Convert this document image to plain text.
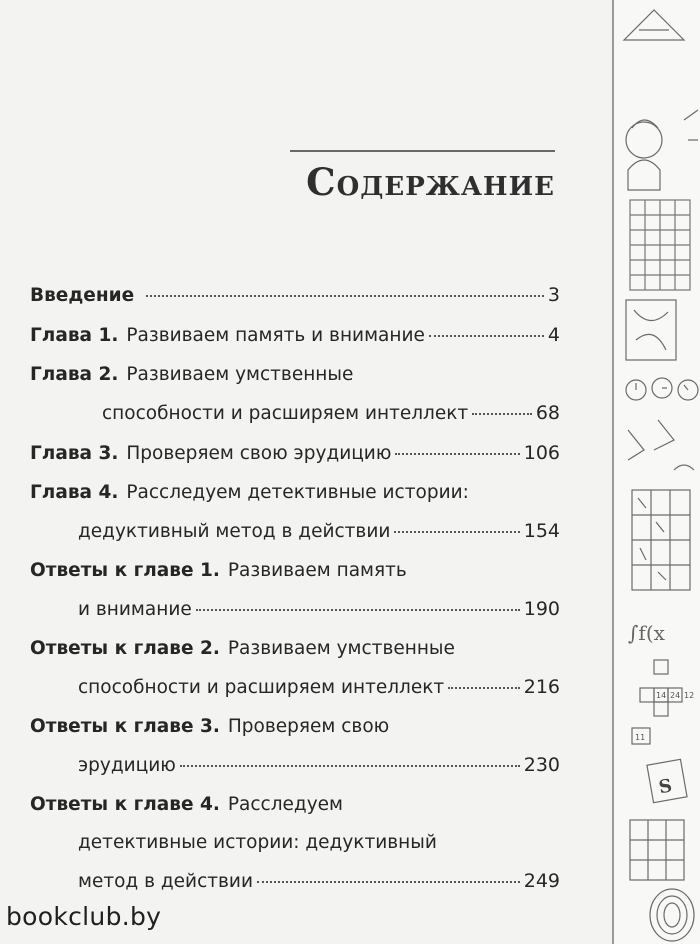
Содержание
Введение	3
Глава 1. Развиваем память и внимание	4
Глава 2. Развиваем умственные
способности и расширяем интеллект	68
Глава 3. Проверяем свою эрудицию	106
Глава 4. Расследуем детективные истории:
дедуктивный метод в действии	154
Ответы к главе 1. Развиваем память
и внимание	190
Ответы к главе 2. Развиваем умственные
способности и расширяем интеллект	216
Ответы к главе 3. Проверяем свою
эрудицию	230
Ответы к главе 4. Расследуем
детективные истории: дедуктивный
метод в действии	249
∫f(x
14 24 12
11
S
bookclub.by
